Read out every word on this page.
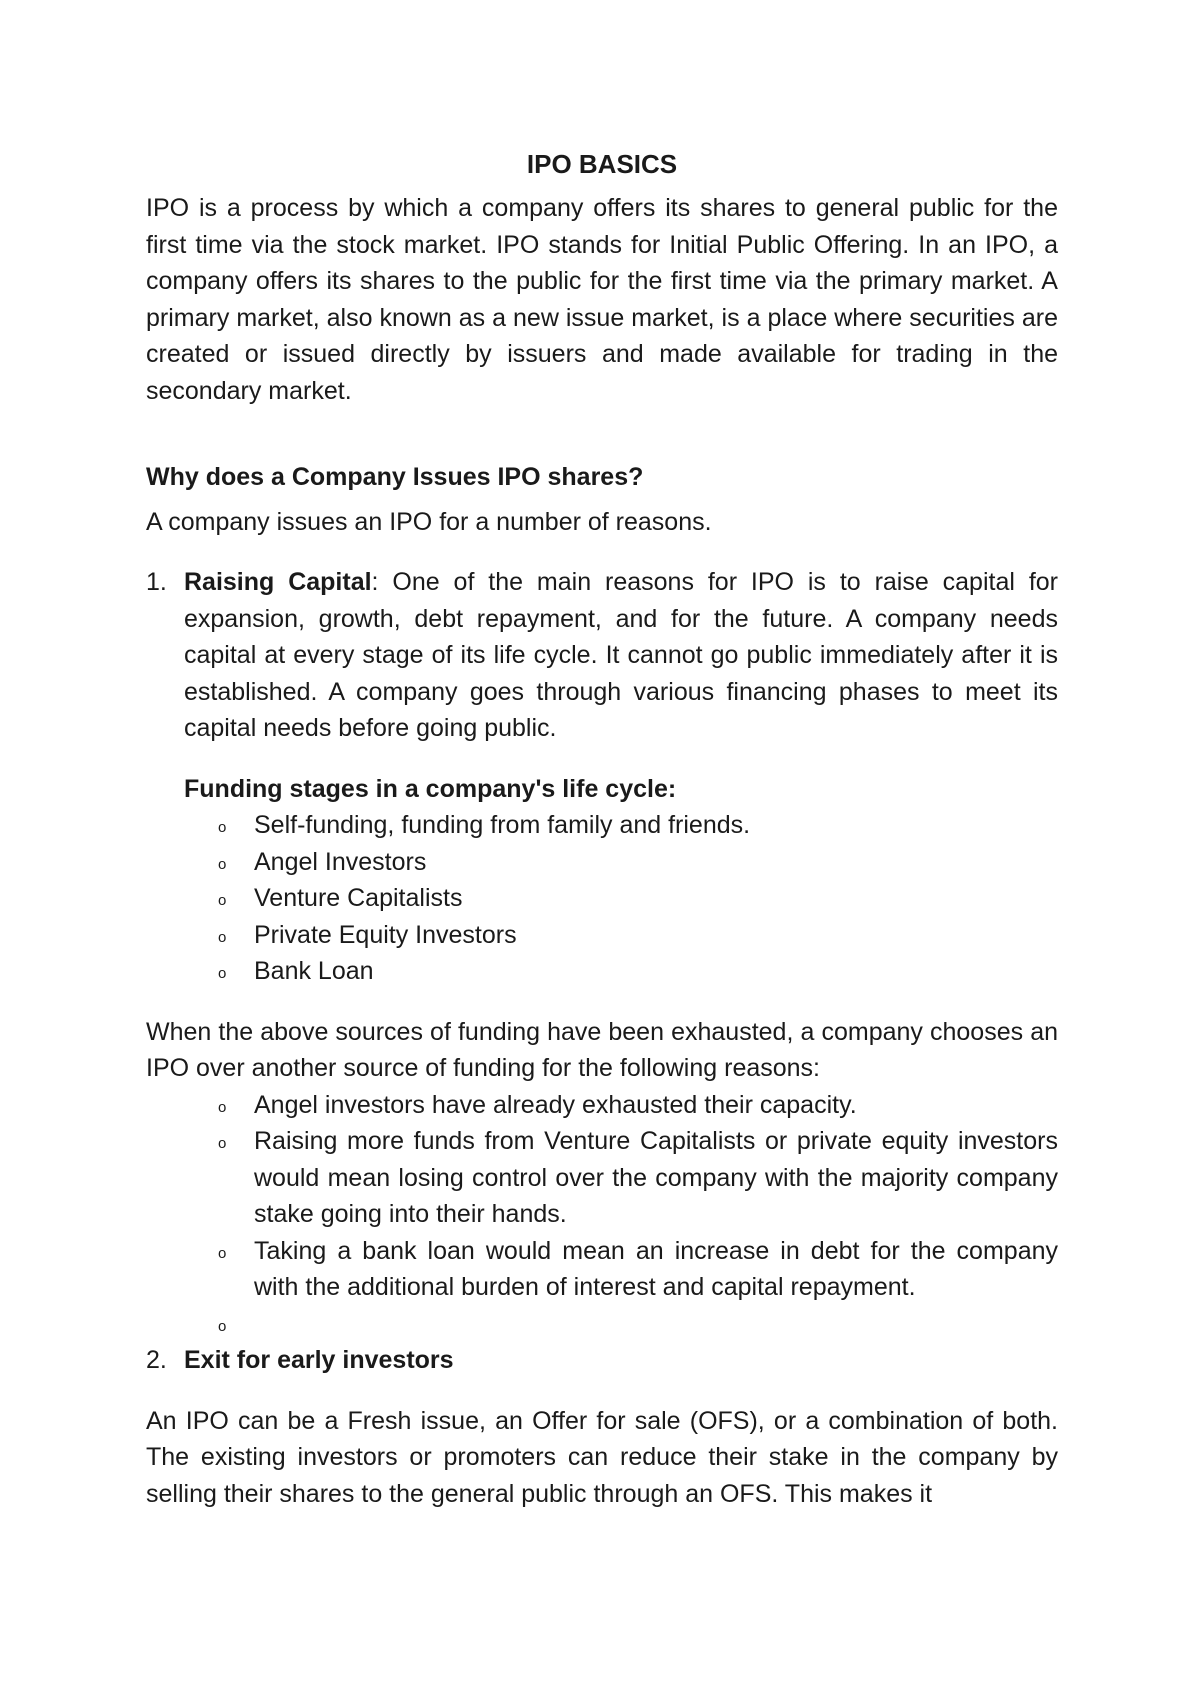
IPO BASICS

IPO is a process by which a company offers its shares to general public for the first time via the stock market. IPO stands for Initial Public Offering. In an IPO, a company offers its shares to the public for the first time via the primary market. A primary market, also known as a new issue market, is a place where securities are created or issued directly by issuers and made available for trading in the secondary market.

Why does a Company Issues IPO shares?

A company issues an IPO for a number of reasons.

1. Raising Capital: One of the main reasons for IPO is to raise capital for expansion, growth, debt repayment, and for the future. A company needs capital at every stage of its life cycle. It cannot go public immediately after it is established. A company goes through various financing phases to meet its capital needs before going public.

Funding stages in a company's life cycle:

o Self-funding, funding from family and friends.
o Angel Investors
o Venture Capitalists
o Private Equity Investors
o Bank Loan

When the above sources of funding have been exhausted, a company chooses an IPO over another source of funding for the following reasons:

o Angel investors have already exhausted their capacity.
o Raising more funds from Venture Capitalists or private equity investors would mean losing control over the company with the majority company stake going into their hands.
o Taking a bank loan would mean an increase in debt for the company with the additional burden of interest and capital repayment.
o
2. Exit for early investors

An IPO can be a Fresh issue, an Offer for sale (OFS), or a combination of both. The existing investors or promoters can reduce their stake in the company by selling their shares to the general public through an OFS. This makes it
